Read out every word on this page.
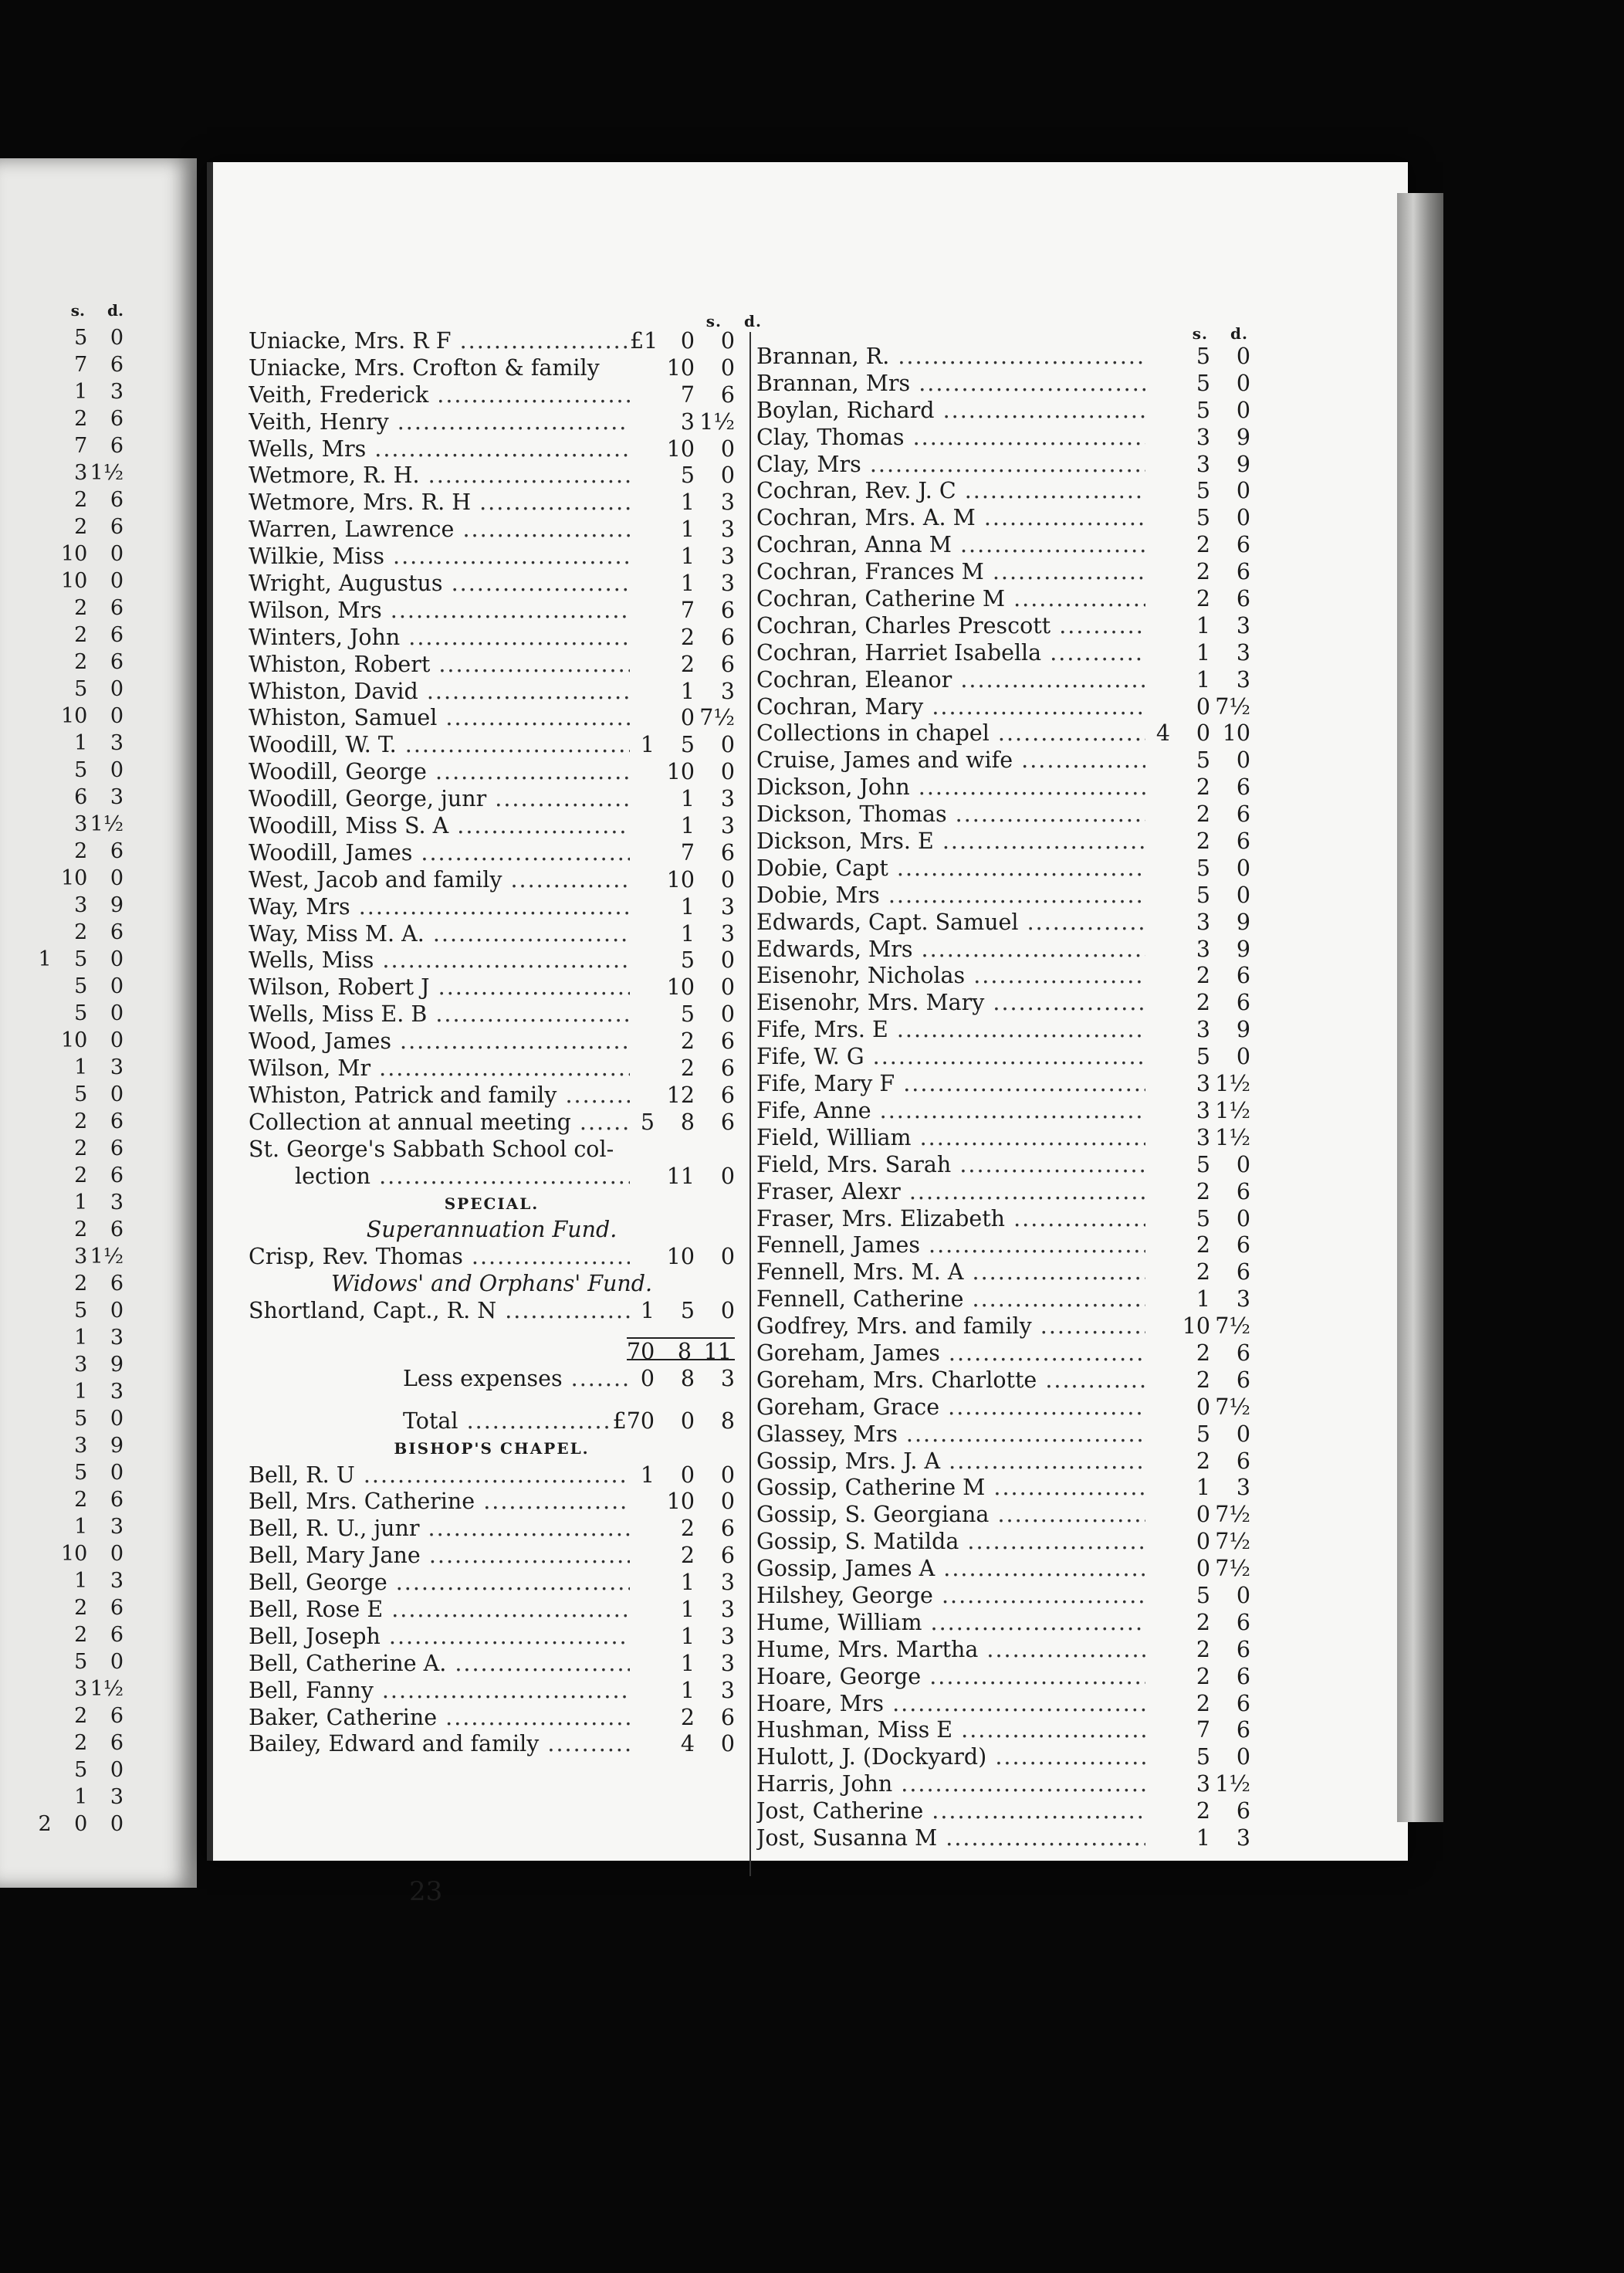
s. d.
5	0
7	6
1	3
2	6
7	6
3 1½
2	6
2	6
10	0
10	0
2	6
2	6
2	6
5	0
10	0
1	3
5	0
6	3
3 1½
2	6
10	0
3	9
2	6
1	5	0
5	0
5	0
10	0
1	3
5	0
2	6
2	6
2	6
1	3
2	6
3 1½
2	6
5	0
1	3
3	9
1	3
5	0
3	9
5	0
2	6
1	3
10	0
1	3
2	6
2	6
5	0
3 1½
2	6
2	6
5	0
1	3
2	0	0
s. d.
s. d.
Uniacke, Mrs. R F .....	£1	0	0
Uniacke, Mrs. Crofton & family	10	0
Veith, Frederick .....	7	6
Veith, Henry .....	3 1½
Wells, Mrs .....	10	0
Wetmore, R. H. .....	5	0
Wetmore, Mrs. R. H .....	1	3
Warren, Lawrence .....	1	3
Wilkie, Miss .....	1	3
Wright, Augustus .....	1	3
Wilson, Mrs .....	7	6
Winters, John .....	2	6
Whiston, Robert .....	2	6
Whiston, David .....	1	3
Whiston, Samuel .....	0 7½
Woodill, W. T. .....	1	5	0
Woodill, George .....	10	0
Woodill, George, junr .....	1	3
Woodill, Miss S. A .....	1	3
Woodill, James .....	7	6
West, Jacob and family .....	10	0
Way, Mrs .....	1	3
Way, Miss M. A. .....	1	3
Wells, Miss .....	5	0
Wilson, Robert J .....	10	0
Wells, Miss E. B .....	5	0
Wood, James .....	2	6
Wilson, Mr .....	2	6
Whiston, Patrick and family .....	12	6
Collection at annual meeting .....	5	8	6
St. George's Sabbath School col-
lection .....	11	0
SPECIAL.
Superannuation Fund.
Crisp, Rev. Thomas .....	10	0
Widows' and Orphans' Fund.
Shortland, Capt., R. N .....	1	5	0
70	8 11
Less expenses .....	0	8	3
Total .....	£70	0	8
BISHOP'S CHAPEL.
Bell, R. U .....	1	0	0
Bell, Mrs. Catherine .....	10	0
Bell, R. U., junr .....	2	6
Bell, Mary Jane .....	2	6
Bell, George .....	1	3
Bell, Rose E .....	1	3
Bell, Joseph .....	1	3
Bell, Catherine A. .....	1	3
Bell, Fanny .....	1	3
Baker, Catherine .....	2	6
Bailey, Edward and family .....	4	0
Brannan, R. .....	5	0
Brannan, Mrs .....	5	0
Boylan, Richard .....	5	0
Clay, Thomas .....	3	9
Clay, Mrs .....	3	9
Cochran, Rev. J. C .....	5	0
Cochran, Mrs. A. M .....	5	0
Cochran, Anna M .....	2	6
Cochran, Frances M .....	2	6
Cochran, Catherine M .....	2	6
Cochran, Charles Prescott .....	1	3
Cochran, Harriet Isabella .....	1	3
Cochran, Eleanor .....	1	3
Cochran, Mary .....	0 7½
Collections in chapel .....	4	0 10
Cruise, James and wife .....	5	0
Dickson, John .....	2	6
Dickson, Thomas .....	2	6
Dickson, Mrs. E .....	2	6
Dobie, Capt .....	5	0
Dobie, Mrs .....	5	0
Edwards, Capt. Samuel .....	3	9
Edwards, Mrs .....	3	9
Eisenohr, Nicholas .....	2	6
Eisenohr, Mrs. Mary .....	2	6
Fife, Mrs. E .....	3	9
Fife, W. G .....	5	0
Fife, Mary F .....	3 1½
Fife, Anne .....	3 1½
Field, William .....	3 1½
Field, Mrs. Sarah .....	5	0
Fraser, Alexr .....	2	6
Fraser, Mrs. Elizabeth .....	5	0
Fennell, James .....	2	6
Fennell, Mrs. M. A .....	2	6
Fennell, Catherine .....	1	3
Godfrey, Mrs. and family .....	10 7½
Goreham, James .....	2	6
Goreham, Mrs. Charlotte .....	2	6
Goreham, Grace .....	0 7½
Glassey, Mrs .....	5	0
Gossip, Mrs. J. A .....	2	6
Gossip, Catherine M .....	1	3
Gossip, S. Georgiana .....	0 7½
Gossip, S. Matilda .....	0 7½
Gossip, James A .....	0 7½
Hilshey, George .....	5	0
Hume, William .....	2	6
Hume, Mrs. Martha .....	2	6
Hoare, George .....	2	6
Hoare, Mrs .....	2	6
Hushman, Miss E .....	7	6
Hulott, J. (Dockyard) .....	5	0
Harris, John .....	3 1½
Jost, Catherine .....	2	6
Jost, Susanna M .....	1	3
23
